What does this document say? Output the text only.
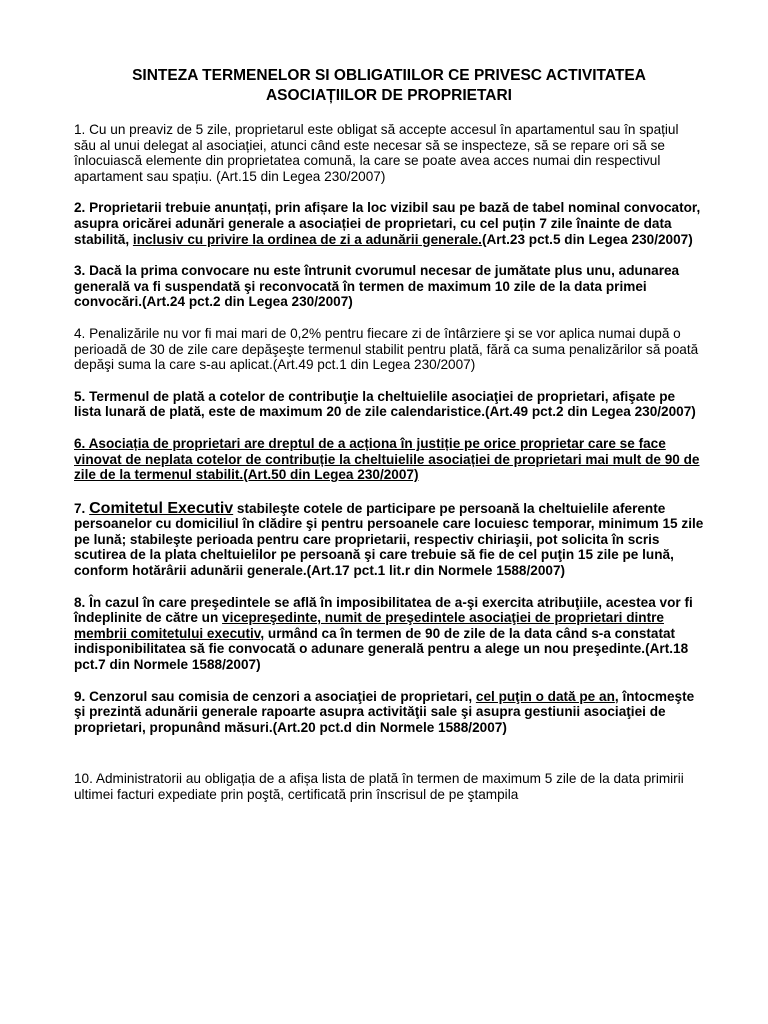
SINTEZA TERMENELOR SI OBLIGATIILOR CE PRIVESC ACTIVITATEA
ASOCIAȚIILOR DE PROPRIETARI

1. Cu un preaviz de 5 zile, proprietarul este obligat să accepte accesul în apartamentul sau în spațiul său al unui delegat al asociației, atunci când este necesar să se inspecteze, să se repare ori să se înlocuiască elemente din proprietatea comună, la care se poate avea acces numai din respectivul apartament sau spațiu. (Art.15 din Legea 230/2007)

2. Proprietarii trebuie anunțați, prin afișare la loc vizibil sau pe bază de tabel nominal convocator, asupra oricărei adunări generale a asociației de proprietari, cu cel puțin 7 zile înainte de data stabilită, inclusiv cu privire la ordinea de zi a adunării generale.(Art.23 pct.5 din Legea 230/2007)

3. Dacă la prima convocare nu este întrunit cvorumul necesar de jumătate plus unu, adunarea generală va fi suspendată şi reconvocată în termen de maximum 10 zile de la data primei convocări.(Art.24 pct.2 din Legea 230/2007)

4. Penalizările nu vor fi mai mari de 0,2% pentru fiecare zi de întârziere şi se vor aplica numai după o perioadă de 30 de zile care depăşeşte termenul stabilit pentru plată, fără ca suma penalizărilor să poată depăşi suma la care s-au aplicat.(Art.49 pct.1 din Legea 230/2007)

5. Termenul de plată a cotelor de contribuţie la cheltuielile asociaţiei de proprietari, afişate pe lista lunară de plată, este de maximum 20 de zile calendaristice.(Art.49 pct.2 din Legea 230/2007)

6. Asociația de proprietari are dreptul de a acționa în justiție pe orice proprietar care se face vinovat de neplata cotelor de contribuție la cheltuielile asociației de proprietari mai mult de 90 de zile de la termenul stabilit.(Art.50 din Legea 230/2007)

7. Comitetul Executiv stabileşte cotele de participare pe persoană la cheltuielile aferente persoanelor cu domiciliul în clădire şi pentru persoanele care locuiesc temporar, minimum 15 zile pe lună; stabileşte perioada pentru care proprietarii, respectiv chiriaşii, pot solicita în scris scutirea de la plata cheltuielilor pe persoană şi care trebuie să fie de cel puţin 15 zile pe lună, conform hotărârii adunării generale.(Art.17 pct.1 lit.r din Normele 1588/2007)

8. În cazul în care preşedintele se află în imposibilitatea de a-şi exercita atribuţiile, acestea vor fi îndeplinite de către un vicepreşedinte, numit de preşedintele asociaţiei de proprietari dintre membrii comitetului executiv, urmând ca în termen de 90 de zile de la data când s-a constatat indisponibilitatea să fie convocată o adunare generală pentru a alege un nou preşedinte.(Art.18 pct.7 din Normele 1588/2007)

9. Cenzorul sau comisia de cenzori a asociaţiei de proprietari, cel puţin o dată pe an, întocmeşte şi prezintă adunării generale rapoarte asupra activităţii sale şi asupra gestiunii asociaţiei de proprietari, propunând măsuri.(Art.20 pct.d din Normele 1588/2007)

10. Administratorii au obligația de a afișa lista de plată în termen de maximum 5 zile de la data primirii ultimei facturi expediate prin poştă, certificată prin înscrisul de pe ştampila
